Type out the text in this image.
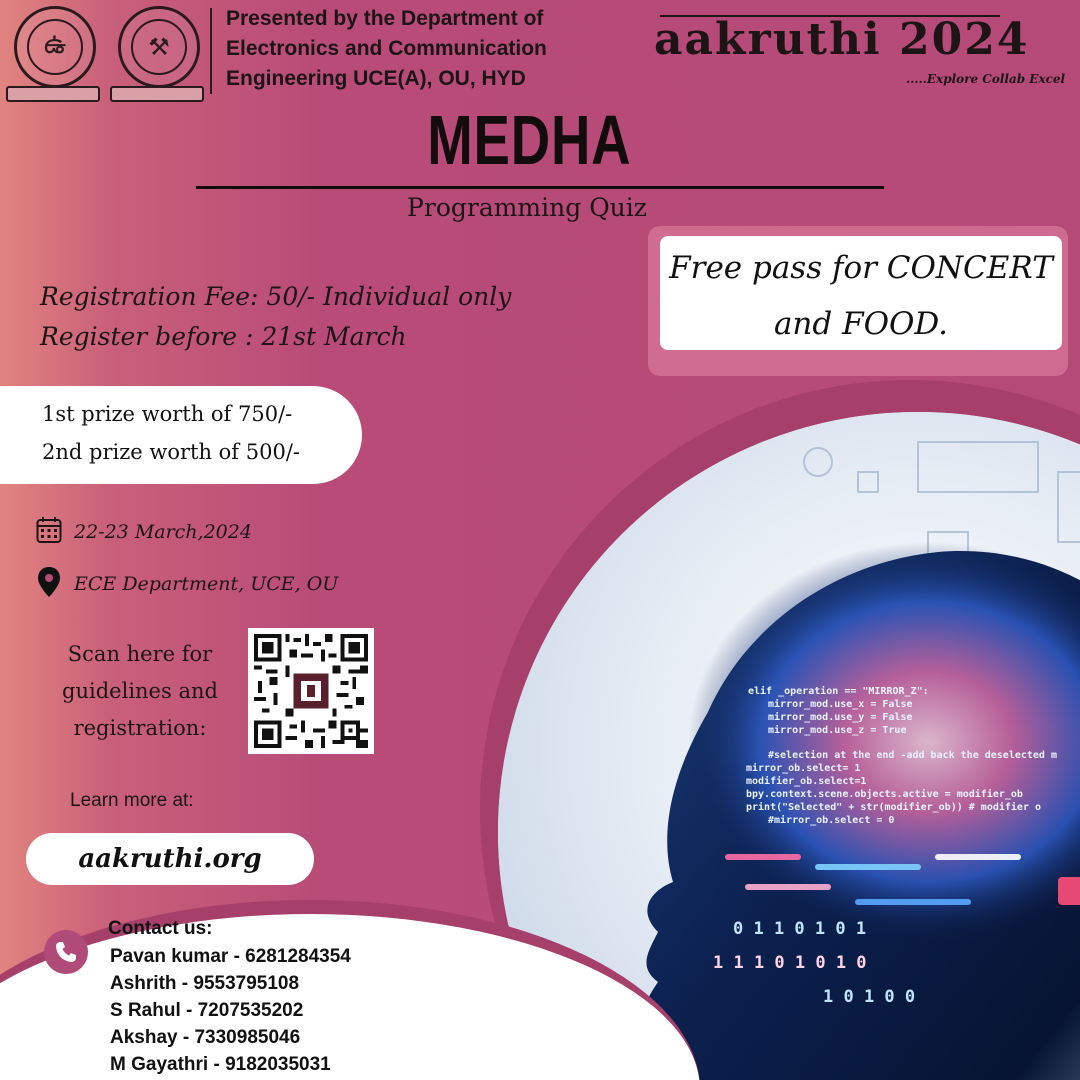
ఉ	⚒
Presented by the Department of Electronics and Communication Engineering UCE(A), OU, HYD
aakruthi 2024
.....Explore Collab Excel
MEDHA
Programming Quiz
Free pass for CONCERT
and FOOD.
Registration Fee: 50/- Individual only
Register before : 21st March
1st prize worth of 750/-
2nd prize worth of 500/-
22-23 March,2024
ECE Department, UCE, OU
Scan here for guidelines and registration:
Learn more at:
aakruthi.org
elif _operation == "MIRROR_Z":
mirror_mod.use_x = False
mirror_mod.use_y = False
mirror_mod.use_z = True
#selection at the end -add back the deselected m
mirror_ob.select= 1
modifier_ob.select=1
bpy.context.scene.objects.active = modifier_ob
print("Selected" + str(modifier_ob)) # modifier o
#mirror_ob.select = 0
0 1 1 0 1 0 1
1 1 1 0 1 0 1 0
1 0 1 0 0
Contact us:
Pavan kumar - 6281284354
Ashrith - 9553795108
S Rahul - 7207535202
Akshay - 7330985046
M Gayathri - 9182035031
